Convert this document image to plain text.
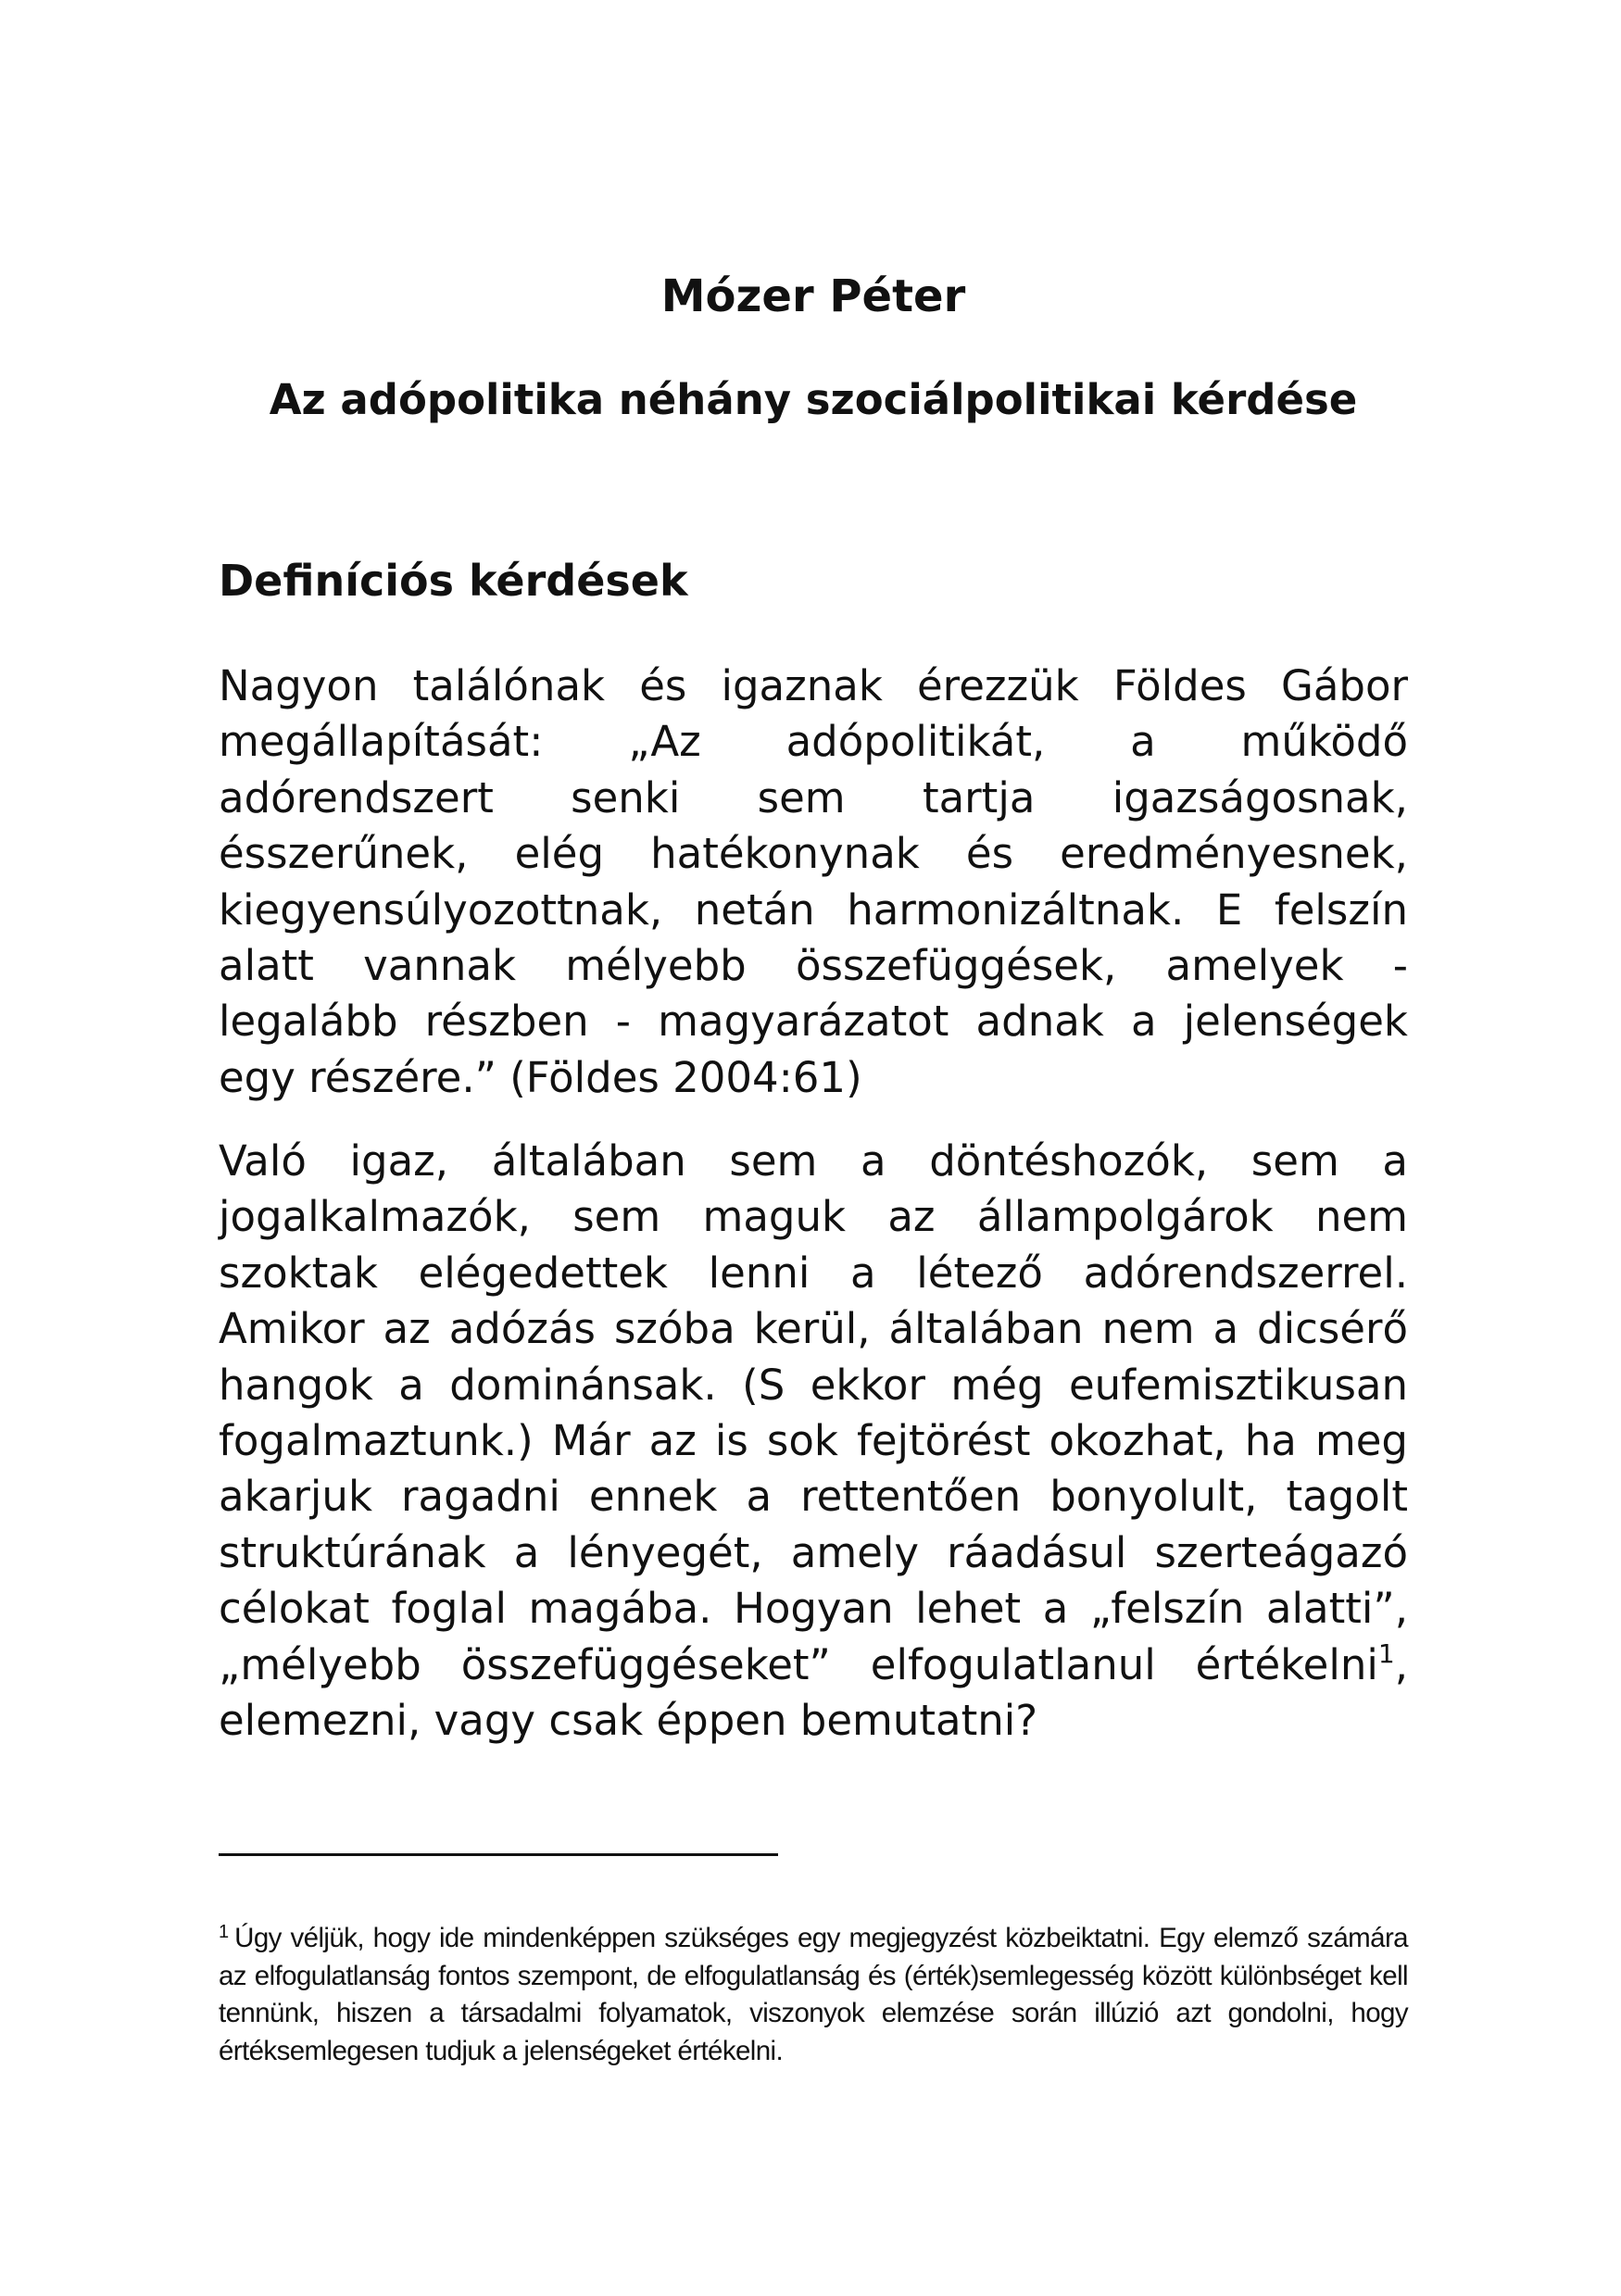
Mózer Péter
Az adópolitika néhány szociálpolitikai kérdése
Definíciós kérdések

Nagyon találónak és igaznak érezzük Földes Gábor megállapítását: „Az adópolitikát, a működő adórendszert senki sem tartja igazságosnak, ésszerűnek, elég hatékonynak és eredményesnek, kiegyensúlyozottnak, netán harmonizáltnak. E felszín alatt vannak mélyebb összefüggések, amelyek - legalább részben - magyarázatot adnak a jelenségek egy részére.” (Földes 2004:61)

Való igaz, általában sem a döntéshozók, sem a jogalkalmazók, sem maguk az állampolgárok nem szoktak elégedettek lenni a létező adórendszerrel. Amikor az adózás szóba kerül, általában nem a dicsérő hangok a dominánsak. (S ekkor még eufemisztikusan fogalmaztunk.) Már az is sok fejtörést okozhat, ha meg akarjuk ragadni ennek a rettentően bonyolult, tagolt struktúrának a lényegét, amely ráadásul szerteágazó célokat foglal magába. Hogyan lehet a „felszín alatti”, „mélyebb összefüggéseket” elfogulatlanul értékelni$^1$, elemezni, vagy csak éppen bemutatni?

$^1$ Úgy véljük, hogy ide mindenképpen szükséges egy megjegyzést közbeiktatni. Egy elemző számára az elfogulatlanság fontos szempont, de elfogulatlanság és (érték)semlegesség között különbséget kell tennünk, hiszen a társadalmi folyamatok, viszonyok elemzése során illúzió azt gondolni, hogy értéksemlegesen tudjuk a jelenségeket értékelni.
